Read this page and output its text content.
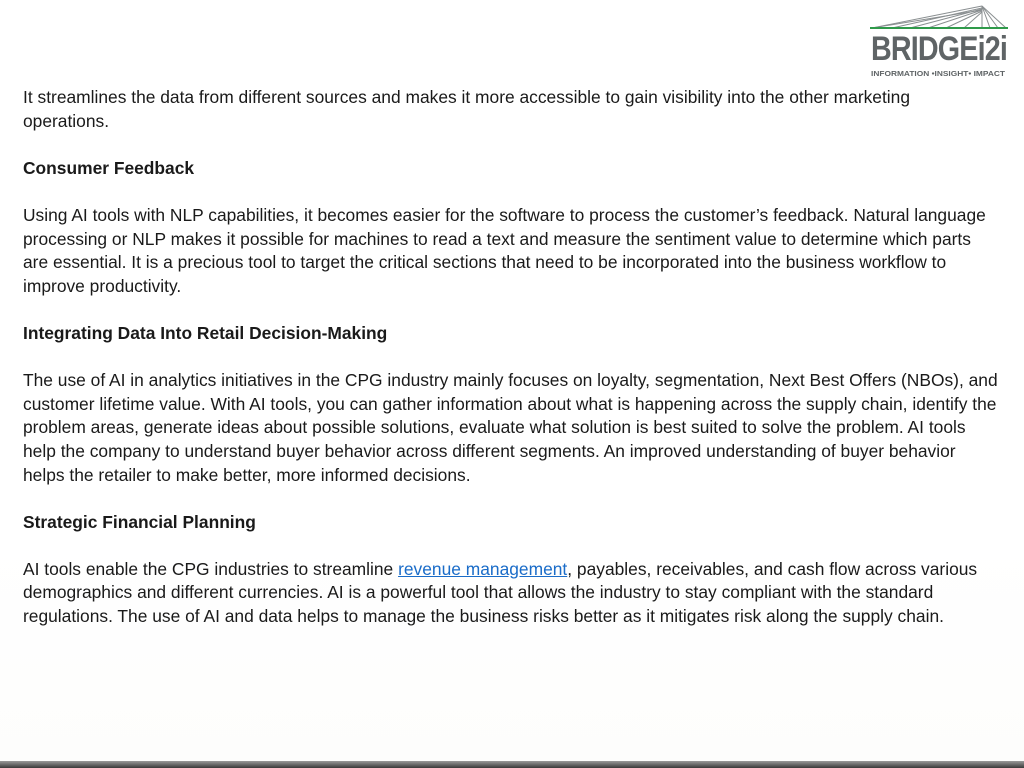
BRIDGEi2i
INFORMATION •INSIGHT• IMPACT

It streamlines the data from different sources and makes it more accessible to gain visibility into the other marketing operations.

Consumer Feedback

Using AI tools with NLP capabilities, it becomes easier for the software to process the customer’s feedback. Natural language processing or NLP makes it possible for machines to read a text and measure the sentiment value to determine which parts are essential. It is a precious tool to target the critical sections that need to be incorporated into the business workflow to improve productivity.

Integrating Data Into Retail Decision-Making

The use of AI in analytics initiatives in the CPG industry mainly focuses on loyalty, segmentation, Next Best Offers (NBOs), and customer lifetime value. With AI tools, you can gather information about what is happening across the supply chain, identify the problem areas, generate ideas about possible solutions, evaluate what solution is best suited to solve the problem. AI tools help the company to understand buyer behavior across different segments. An improved understanding of buyer behavior helps the retailer to make better, more informed decisions.

Strategic Financial Planning

AI tools enable the CPG industries to streamline revenue management, payables, receivables, and cash flow across various demographics and different currencies. AI is a powerful tool that allows the industry to stay compliant with the standard regulations. The use of AI and data helps to manage the business risks better as it mitigates risk along the supply chain.
